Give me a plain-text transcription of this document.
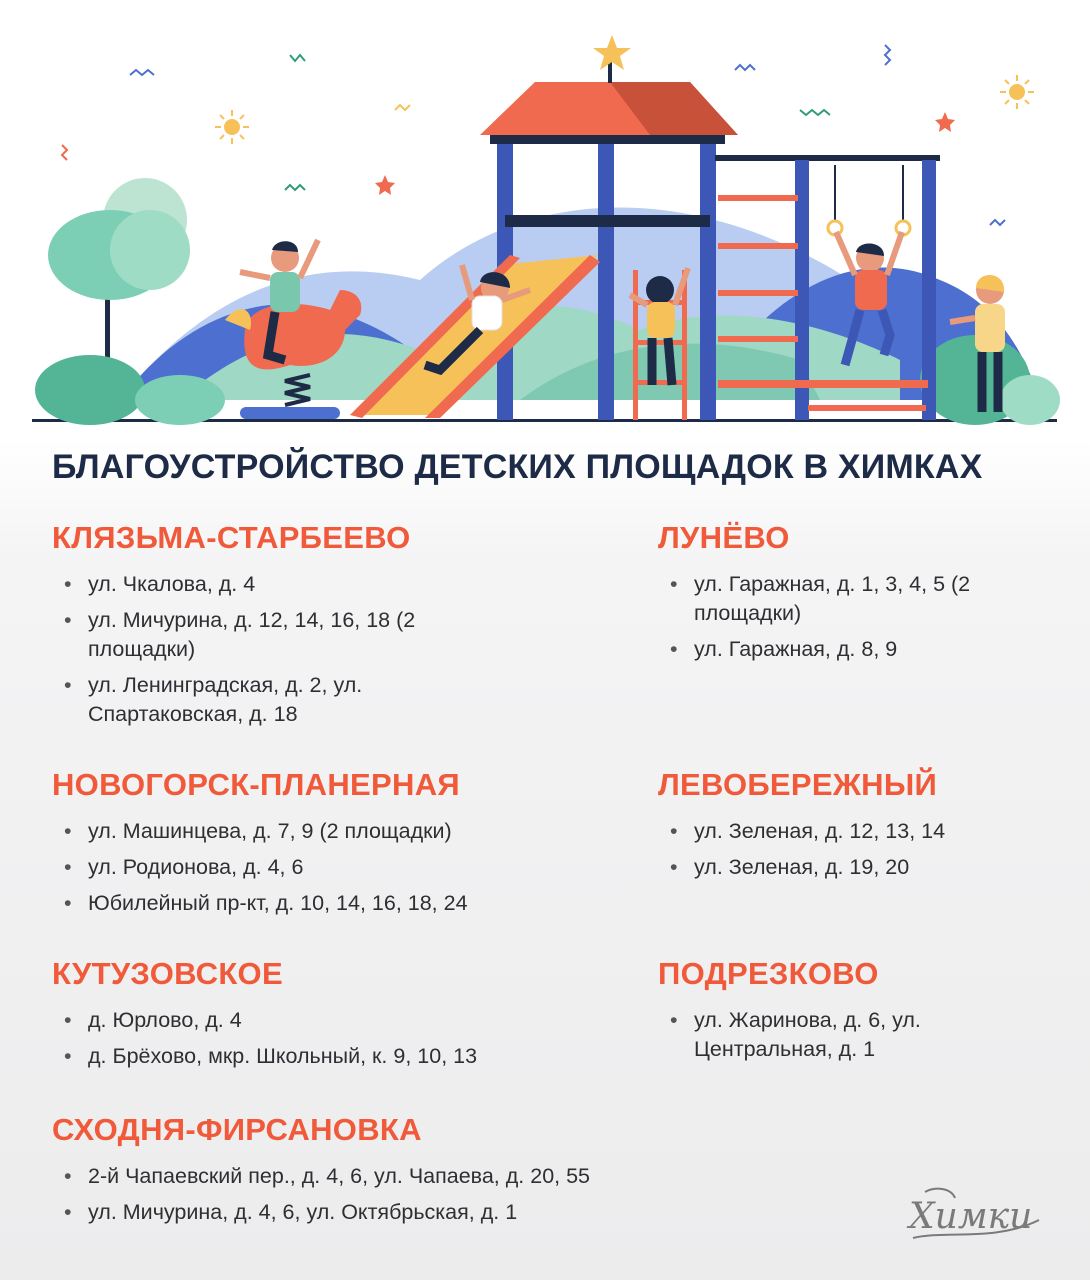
БЛАГОУСТРОЙСТВО ДЕТСКИХ ПЛОЩАДОК В ХИМКАХ
КЛЯЗЬМА-СТАРБЕЕВО
• ул. Чкалова, д. 4
• ул. Мичурина, д. 12, 14, 16, 18 (2 площадки)
• ул. Ленинградская, д. 2, ул. Спартаковская, д. 18
ЛУНЁВО
• ул. Гаражная, д. 1, 3, 4, 5 (2 площадки)
• ул. Гаражная, д. 8, 9
НОВОГОРСК-ПЛАНЕРНАЯ
• ул. Машинцева, д. 7, 9 (2 площадки)
• ул. Родионова, д. 4, 6
• Юбилейный пр-кт, д. 10, 14, 16, 18, 24
ЛЕВОБЕРЕЖНЫЙ
• ул. Зеленая, д. 12, 13, 14
• ул. Зеленая, д. 19, 20
КУТУЗОВСКОЕ
• д. Юрлово, д. 4
• д. Брёхово, мкр. Школьный, к. 9, 10, 13
ПОДРЕЗКОВО
• ул. Жаринова, д. 6, ул. Центральная, д. 1
СХОДНЯ-ФИРСАНОВКА
• 2-й Чапаевский пер., д. 4, 6, ул. Чапаева, д. 20, 55
• ул. Мичурина, д. 4, 6, ул. Октябрьская, д. 1	Химки
